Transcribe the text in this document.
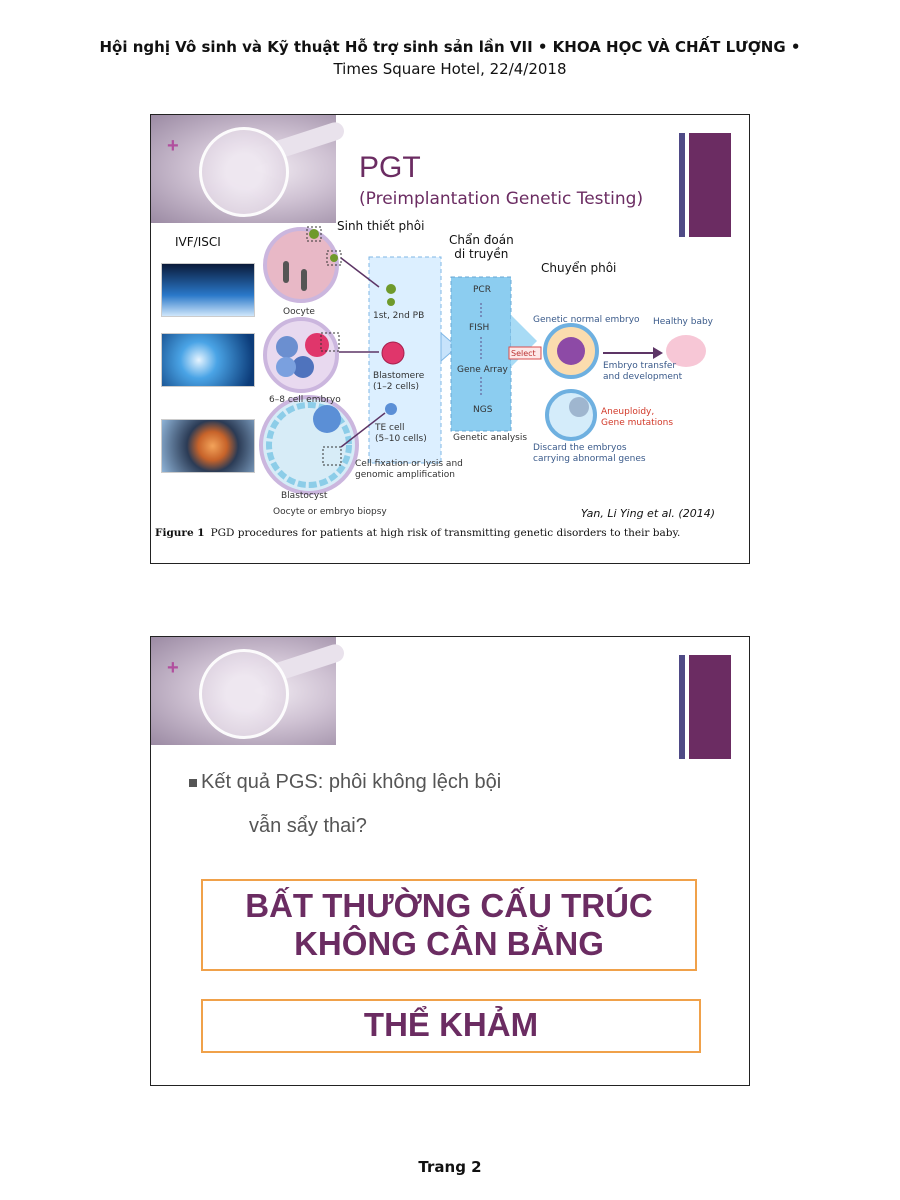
Hội nghị Vô sinh và Kỹ thuật Hỗ trợ sinh sản lần VII • KHOA HỌC VÀ CHẤT LƯỢNG •
Times Square Hotel, 22/4/2018
+
PGT
(Preimplantation Genetic Testing)
IVF/ISCI
Sinh thiết phôi
Chẩn đoán
di truyền
Chuyển phôi
Oocyte	1st, 2nd PB
6–8 cell embryo
Blastomere
(1–2 cells)
TE cell
(5–10 cells)
Cell fixation or lysis and
genomic amplification
Blastocyst
Oocyte or embryo biopsy
PCR
FISH
Gene Array
NGS
Genetic analysis
Select
Genetic normal embryo Healthy baby
Embryo transfer
and development
Aneuploidy,
Gene mutations
Discard the embryos
carrying abnormal genes
Yan, Li Ying et al. (2014)
Figure 1 PGD procedures for patients at high risk of transmitting genetic disorders to their baby.
+
Kết quả PGS: phôi không lệch bội
vẫn sẩy thai?
BẤT THƯỜNG CẤU TRÚC
KHÔNG CÂN BẰNG
THỂ KHẢM
Trang 2
